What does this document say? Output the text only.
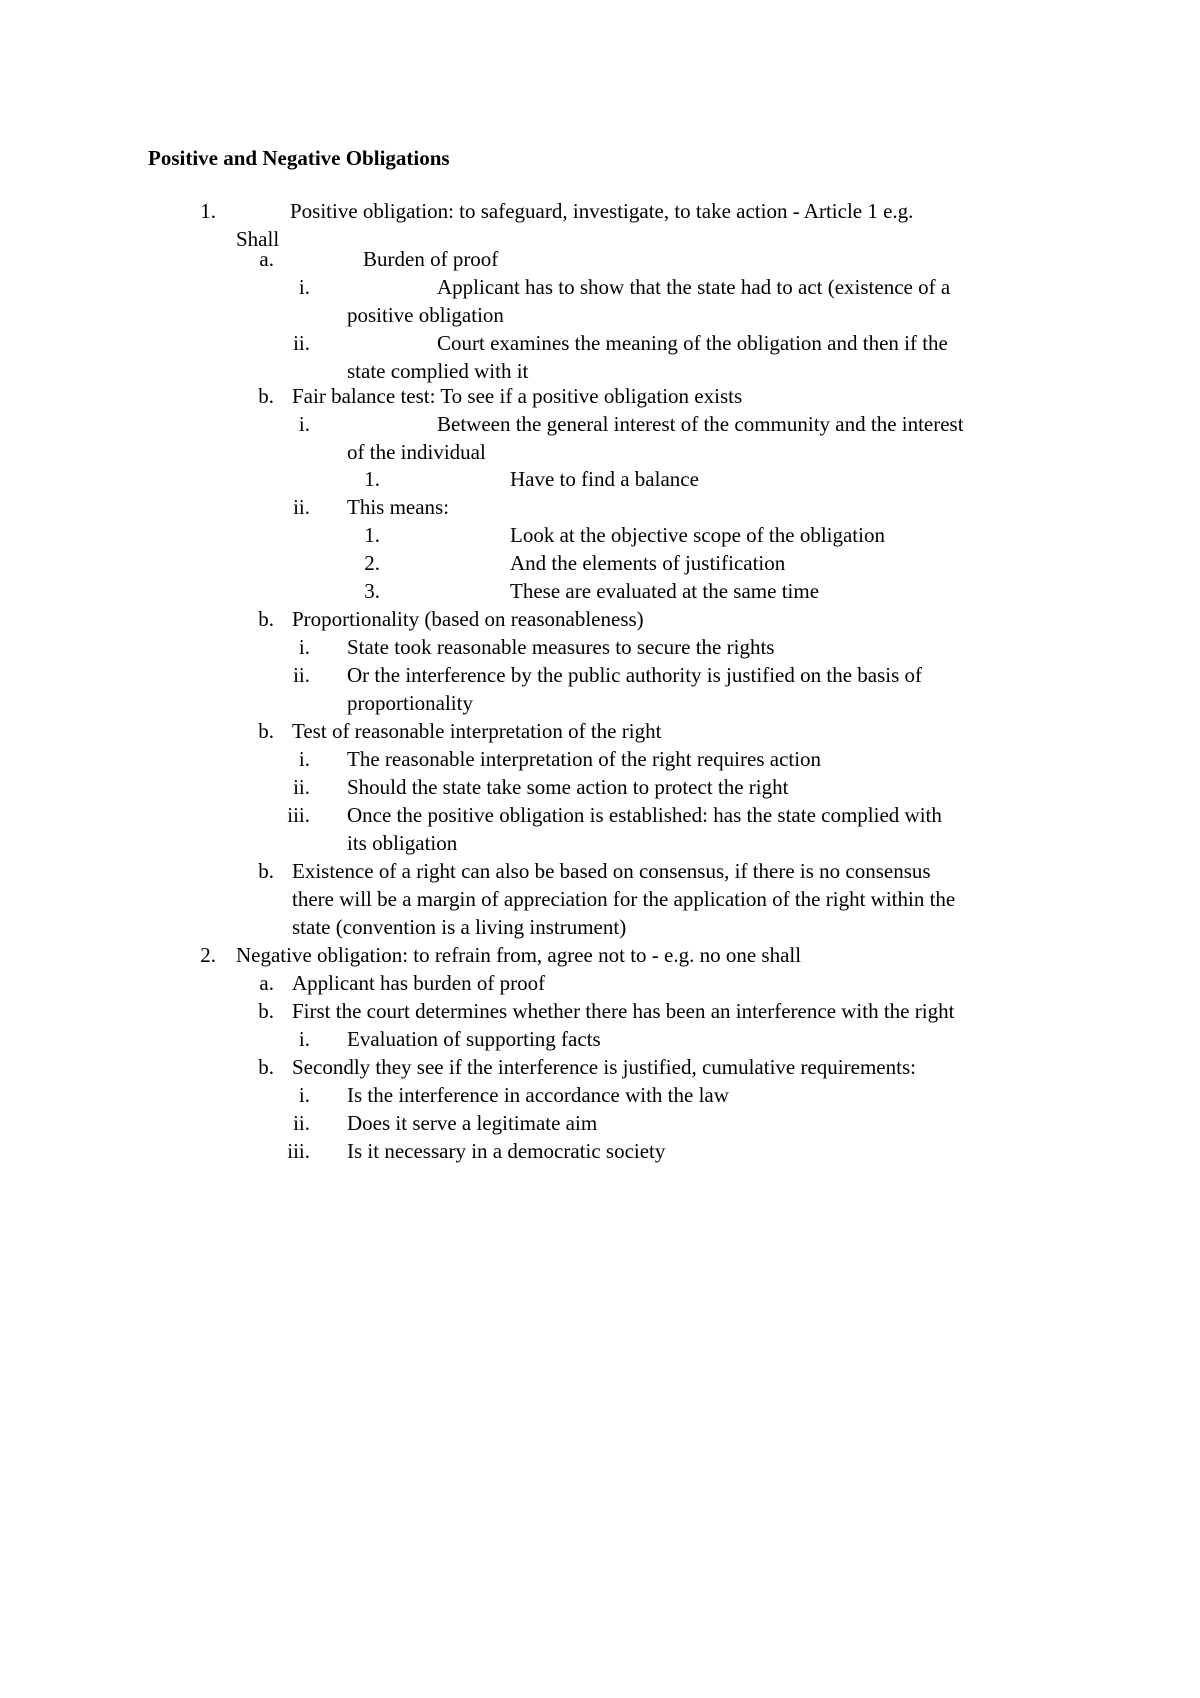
Positive and Negative Obligations
1.	Positive obligation: to safeguard, investigate, to take action - Article 1 e.g.
Shall
a.	Burden of proof
i.	Applicant has to show that the state had to act (existence of a
positive obligation
ii.	Court examines the meaning of the obligation and then if the
state complied with it
b. Fair balance test: To see if a positive obligation exists
i.	Between the general interest of the community and the interest
of the individual
1.	Have to find a balance
ii. This means:
1.	Look at the objective scope of the obligation
2.	And the elements of justification
3.	These are evaluated at the same time
b. Proportionality (based on reasonableness)
i. State took reasonable measures to secure the rights
ii. Or the interference by the public authority is justified on the basis of
proportionality
b. Test of reasonable interpretation of the right
i. The reasonable interpretation of the right requires action
ii. Should the state take some action to protect the right
iii. Once the positive obligation is established: has the state complied with
its obligation
b. Existence of a right can also be based on consensus, if there is no consensus
there will be a margin of appreciation for the application of the right within the
state (convention is a living instrument)
2. Negative obligation: to refrain from, agree not to - e.g. no one shall
a. Applicant has burden of proof
b. First the court determines whether there has been an interference with the right
i. Evaluation of supporting facts
b. Secondly they see if the interference is justified, cumulative requirements:
i. Is the interference in accordance with the law
ii. Does it serve a legitimate aim
iii. Is it necessary in a democratic society
